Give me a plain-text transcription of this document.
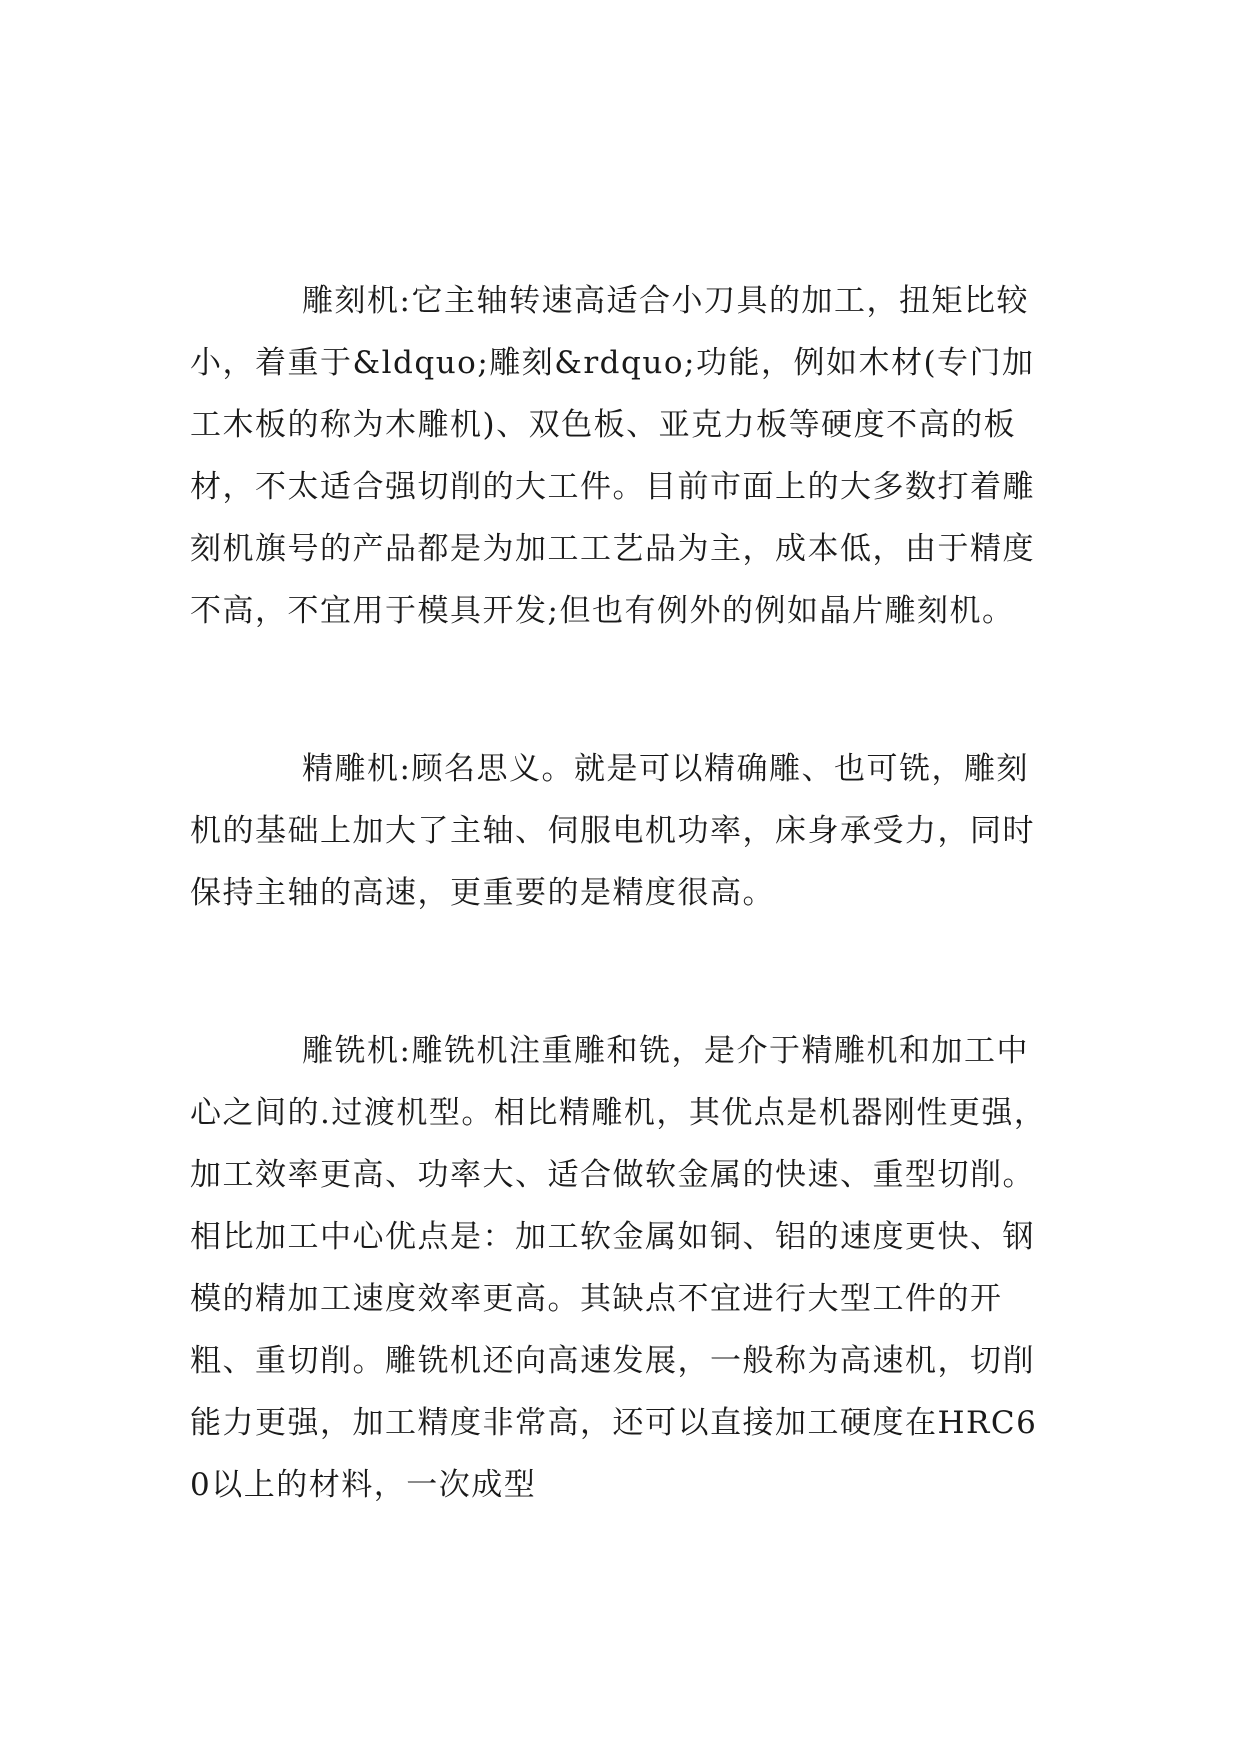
雕刻机:它主轴转速高适合小刀具的加工，扭矩比较小，着重于&ldquo;雕刻&rdquo;功能，例如木材(专门加工木板的称为木雕机)、双色板、亚克力板等硬度不高的板材，不太适合强切削的大工件。目前市面上的大多数打着雕刻机旗号的产品都是为加工工艺品为主，成本低，由于精度不高，不宜用于模具开发;但也有例外的例如晶片雕刻机。

精雕机:顾名思义。就是可以精确雕、也可铣，雕刻机的基础上加大了主轴、伺服电机功率，床身承受力，同时保持主轴的高速，更重要的是精度很高。

雕铣机:雕铣机注重雕和铣，是介于精雕机和加工中心之间的.过渡机型。相比精雕机，其优点是机器刚性更强，加工效率更高、功率大、适合做软金属的快速、重型切削。相比加工中心优点是：加工软金属如铜、铝的速度更快、钢模的精加工速度效率更高。其缺点不宜进行大型工件的开粗、重切削。雕铣机还向高速发展，一般称为高速机，切削能力更强，加工精度非常高，还可以直接加工硬度在HRC60以上的材料，一次成型
